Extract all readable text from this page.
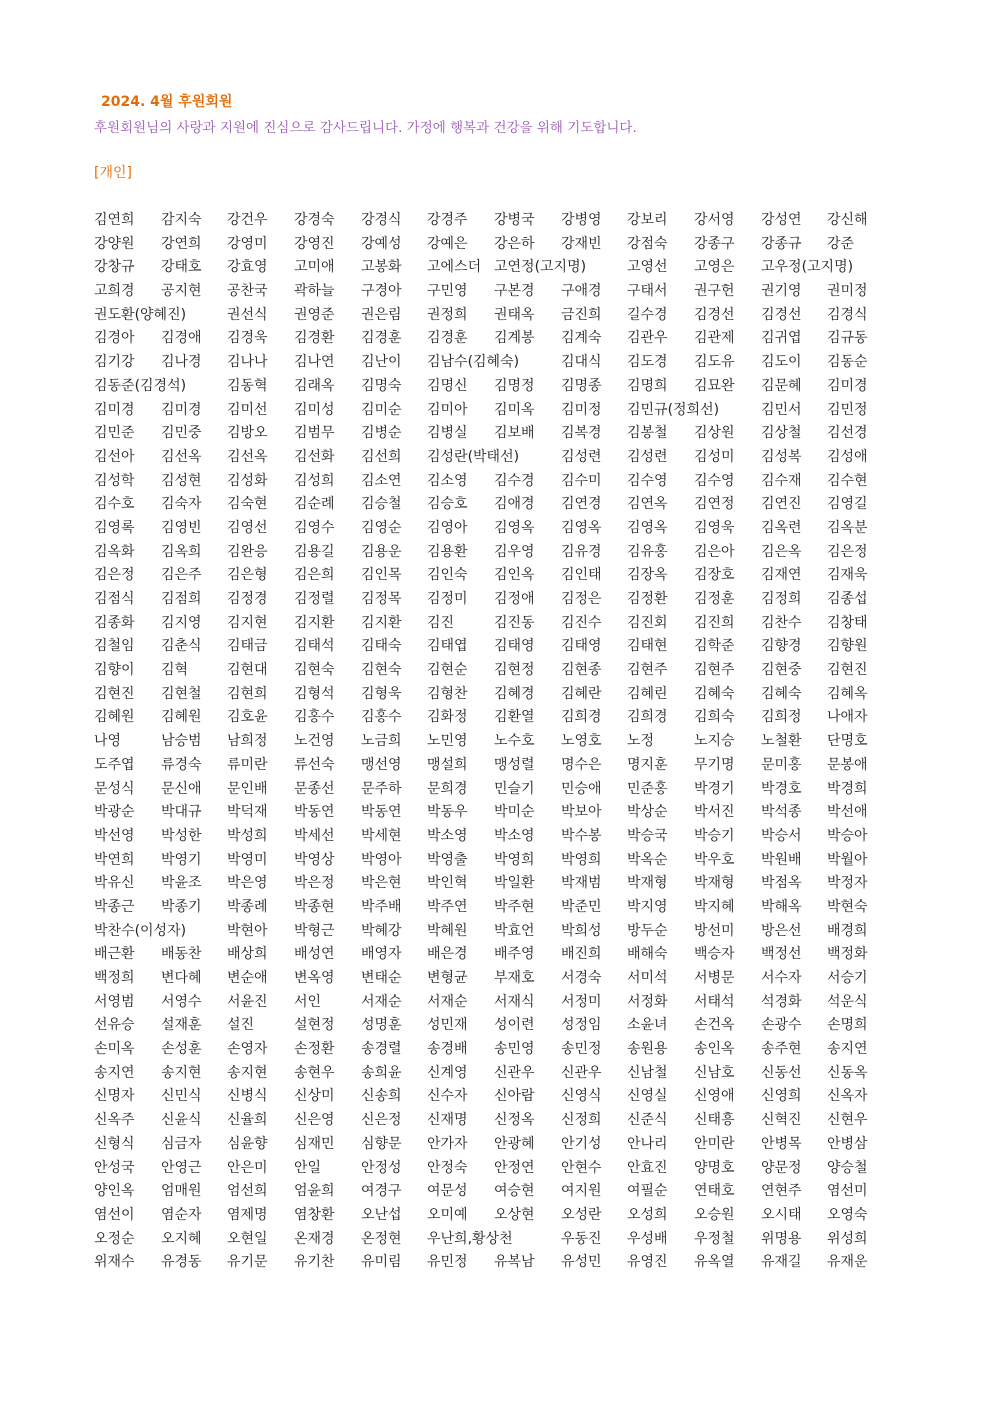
2024. 4월 후원회원
후원회원님의 사랑과 지원에 진심으로 감사드립니다. 가정에 행복과 건강을 위해 기도합니다.
[개인]
김연희 감지숙 강건우 강경숙 강경식 강경주 강병국 강병영 강보리 강서영 강성연 강신해
강양원 강연희 강영미 강영진 강예성 강예은 강은하 강재빈 강점숙 강종구 강종규 강준
강창규 강태호 강효영 고미애 고봉화 고에스더 고연정(고지명)	고영선 고영은 고우정(고지명)
고희경 공지현 공찬국 곽하늘 구경아 구민영 구본경 구애경 구태서 권구헌 권기영 권미정
권도환(양혜진)	권선식 권영준 권은림 권정희 권태옥 금진희 길수경 김경선 김경선 김경식
김경아 김경애 김경욱 김경환 김경훈 김경훈 김계봉 김계숙 김관우 김관제 김귀엽 김규동
김기강 김나경 김나나 김나연 김난이 김남수(김혜숙)	김대식 김도경 김도유 김도이 김동순
김동준(김경석)	김동혁 김래옥 김명숙 김명신 김명정 김명종 김명희 김묘완 김문혜 김미경
김미경 김미경 김미선 김미성 김미순 김미아 김미옥 김미정 김민규(정희선)	김민서 김민정
김민준 김민중 김방오 김범무 김병순 김병실 김보배 김복경 김봉철 김상원 김상철 김선경
김선아 김선옥 김선옥 김선화 김선희 김성란(박태선)	김성련 김성련 김성미 김성복 김성애
김성학 김성현 김성화 김성희 김소연 김소영 김수경 김수미 김수영 김수영 김수재 김수현
김수호 김숙자 김숙현 김순례 김승철 김승호 김애경 김연경 김연옥 김연정 김연진 김영길
김영록 김영빈 김영선 김영수 김영순 김영아 김영옥 김영옥 김영옥 김영욱 김옥련 김옥분
김옥화 김옥희 김완응 김용길 김용운 김용환 김우영 김유경 김유홍 김은아 김은옥 김은정
김은정 김은주 김은형 김은희 김인목 김인숙 김인옥 김인태 김장옥 김장호 김재연 김재욱
김점식 김점희 김정경 김정렬 김정목 김정미 김정애 김정은 김정환 김정훈 김정희 김종섭
김종화 김지영 김지현 김지환 김지환 김진	김진동 김진수 김진회 김진희 김찬수 김창태
김철임 김춘식 김태금 김태석 김태숙 김태엽 김태영 김태영 김태현 김학준 김향경 김향원
김향이 김혁	김현대 김현숙 김현숙 김현순 김현정 김현종 김현주 김현주 김현중 김현진
김현진 김현철 김현희 김형석 김형욱 김형찬 김혜경 김혜란 김혜린 김혜숙 김혜숙 김혜옥
김혜원 김혜원 김호윤 김홍수 김홍수 김화정 김환열 김희경 김희경 김희숙 김희정 나애자
나영	남승범 남희정 노건영 노금희 노민영 노수호 노영호 노정	노지승 노철환 단명호
도주엽 류경숙 류미란 류선숙 맹선영 맹설희 맹성렬 명수은 명지훈 무기명 문미홍 문봉애
문성식 문신애 문인배 문종선 문주하 문희경 민슬기 민승애 민준홍 박경기 박경호 박경희
박광순 박대규 박덕재 박동연 박동연 박동우 박미순 박보아 박상순 박서진 박석종 박선애
박선영 박성한 박성희 박세선 박세현 박소영 박소영 박수봉 박승국 박승기 박승서 박승아
박연희 박영기 박영미 박영상 박영아 박영출 박영희 박영희 박옥순 박우호 박원배 박월아
박유신 박윤조 박은영 박은정 박은현 박인혁 박일환 박재범 박재형 박재형 박점옥 박정자
박종근 박종기 박종례 박종현 박주배 박주연 박주현 박준민 박지영 박지혜 박해옥 박현숙
박찬수(이성자)	박현아 박형근 박혜강 박혜원 박효언 박희성 방두순 방선미 방은선 배경희
배근환 배동찬 배상희 배성연 배영자 배은경 배주영 배진희 배해숙 백승자 백정선 백정화
백정희 변다혜 변순애 변옥영 변태순 변형균 부재호 서경숙 서미석 서병문 서수자 서승기
서영범 서영수 서윤진 서인	서재순 서재순 서재식 서정미 서정화 서태석 석경화 석운식
선유승 설재훈 설진	설현정 성명훈 성민재 성이련 성정임 소윤녀 손건옥 손광수 손명희
손미옥 손성훈 손영자 손정환 송경렬 송경배 송민영 송민정 송원용 송인옥 송주현 송지연
송지연 송지현 송지현 송현우 송희윤 신계영 신관우 신관우 신남철 신남호 신동선 신동옥
신명자 신민식 신병식 신상미 신송희 신수자 신아람 신영식 신영실 신영애 신영희 신옥자
신옥주 신윤식 신율희 신은영 신은정 신재명 신정옥 신정희 신준식 신태흥 신혁진 신현우
신형식 심금자 심윤향 심재민 심향문 안가자 안광혜 안기성 안나리 안미란 안병목 안병삼
안성국 안영근 안은미 안일	안정성 안정숙 안정연 안현수 안효진 양명호 양문정 양승철
양인옥 엄매원 엄선희 엄윤희 여경구 여문성 여승현 여지원 여필순 연태호 연현주 염선미
염선이 염순자 염제명 염창환 오난섭 오미예 오상현 오성란 오성희 오승원 오시태 오영숙
오정순 오지혜 오현일 온재경 온정현 우난희,황상천	우동진 우성배 우정철 위명용 위성희
위재수 유경동 유기문 유기찬 유미림 유민정 유복남 유성민 유영진 유옥열 유재길 유재운
